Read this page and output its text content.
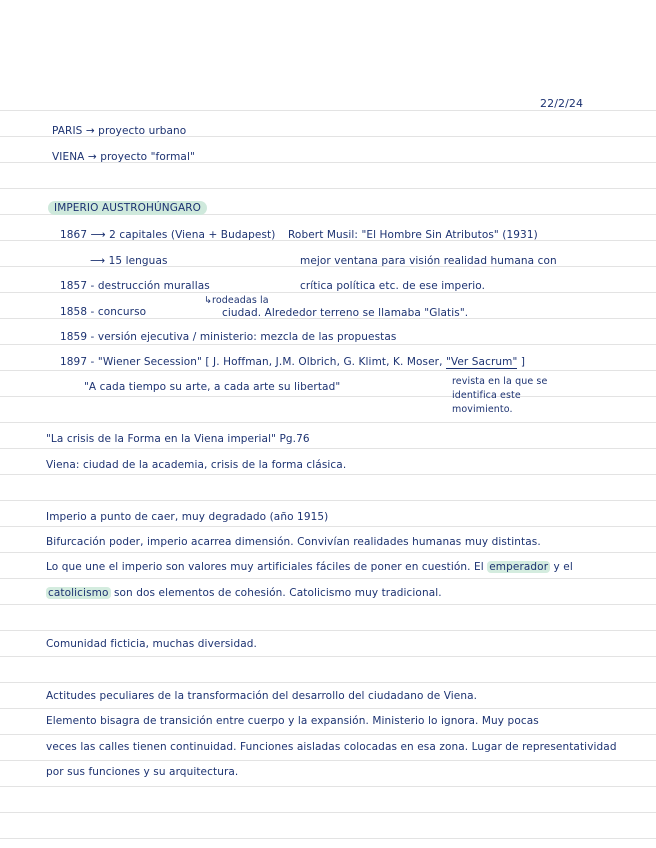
22/2/24
PARIS → proyecto urbano
VIENA → proyecto "formal"
IMPERIO AUSTROHÚNGARO
1867 ⟶ 2 capitales (Viena + Budapest) Robert Musil: "El Hombre Sin Atributos" (1931)
⟶ 15 lenguas	mejor ventana para visión realidad humana con
1857 - destrucción murallas	crítica política etc. de ese imperio.
↳rodeadas la
1858 - concurso	ciudad. Alrededor terreno se llamaba "Glatis".
1859 - versión ejecutiva / ministerio: mezcla de las propuestas
1897 - "Wiener Secession" [ J. Hoffman, J.M. Olbrich, G. Klimt, K. Moser, "Ver Sacrum" ]
"A cada tiempo su arte, a cada arte su libertad"	revista en la que se
identifica este
movimiento.
"La crisis de la Forma en la Viena imperial" Pg.76
Viena: ciudad de la academia, crisis de la forma clásica.
Imperio a punto de caer, muy degradado (año 1915)
Bifurcación poder, imperio acarrea dimensión. Convivían realidades humanas muy distintas.
Lo que une el imperio son valores muy artificiales fáciles de poner en cuestión. El emperador y el
catolicismo son dos elementos de cohesión. Catolicismo muy tradicional.
Comunidad ficticia, muchas diversidad.
Actitudes peculiares de la transformación del desarrollo del ciudadano de Viena.
Elemento bisagra de transición entre cuerpo y la expansión. Ministerio lo ignora. Muy pocas
veces las calles tienen continuidad. Funciones aisladas colocadas en esa zona. Lugar de representatividad
por sus funciones y su arquitectura.
